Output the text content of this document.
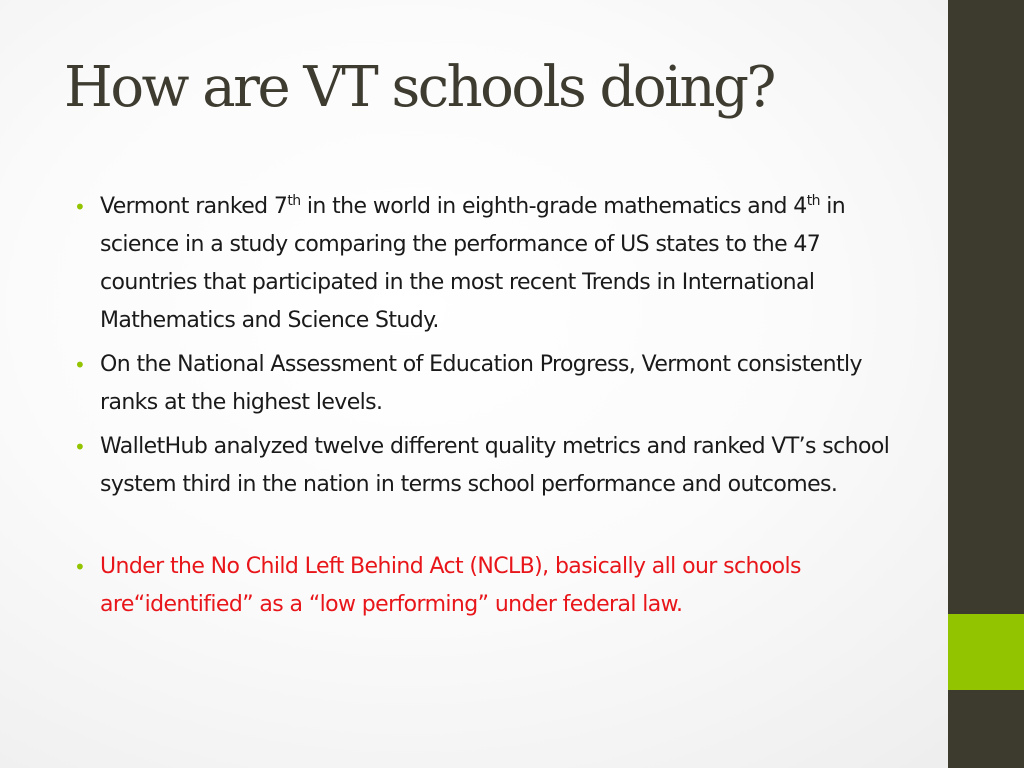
How are VT schools doing?
• Vermont ranked 7th in the world in eighth-grade mathematics and 4th in science in a study comparing the performance of US states to the 47 countries that participated in the most recent Trends in International Mathematics and Science Study.
• On the National Assessment of Education Progress, Vermont consistently ranks at the highest levels.
• WalletHub analyzed twelve different quality metrics and ranked VT’s school system third in the nation in terms school performance and outcomes.
• Under the No Child Left Behind Act (NCLB), basically all our schools are“identified” as a “low performing” under federal law.
